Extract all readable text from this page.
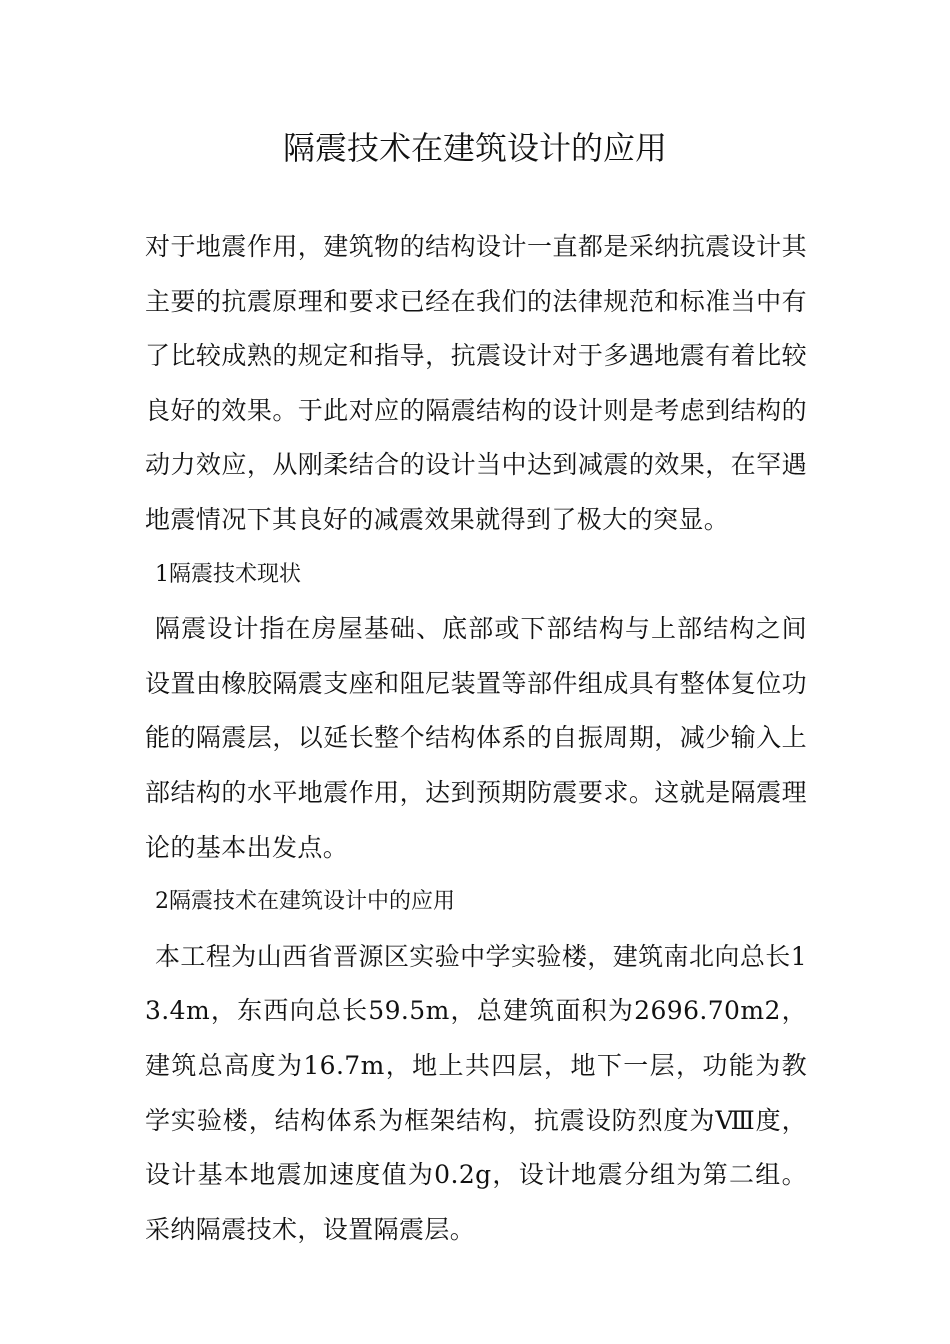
隔震技术在建筑设计的应用

对于地震作用，建筑物的结构设计一直都是采纳抗震设计其主要的抗震原理和要求已经在我们的法律规范和标准当中有了比较成熟的规定和指导，抗震设计对于多遇地震有着比较良好的效果。于此对应的隔震结构的设计则是考虑到结构的动力效应，从刚柔结合的设计当中达到减震的效果，在罕遇地震情况下其良好的减震效果就得到了极大的突显。

1隔震技术现状

隔震设计指在房屋基础、底部或下部结构与上部结构之间设置由橡胶隔震支座和阻尼装置等部件组成具有整体复位功能的隔震层，以延长整个结构体系的自振周期，减少输入上部结构的水平地震作用，达到预期防震要求。这就是隔震理论的基本出发点。

2隔震技术在建筑设计中的应用

本工程为山西省晋源区实验中学实验楼，建筑南北向总长13.4m，东西向总长59.5m，总建筑面积为2696.70m2，建筑总高度为16.7m，地上共四层，地下一层，功能为教学实验楼，结构体系为框架结构，抗震设防烈度为Ⅷ度，设计基本地震加速度值为0.2g，设计地震分组为第二组。采纳隔震技术，设置隔震层。
